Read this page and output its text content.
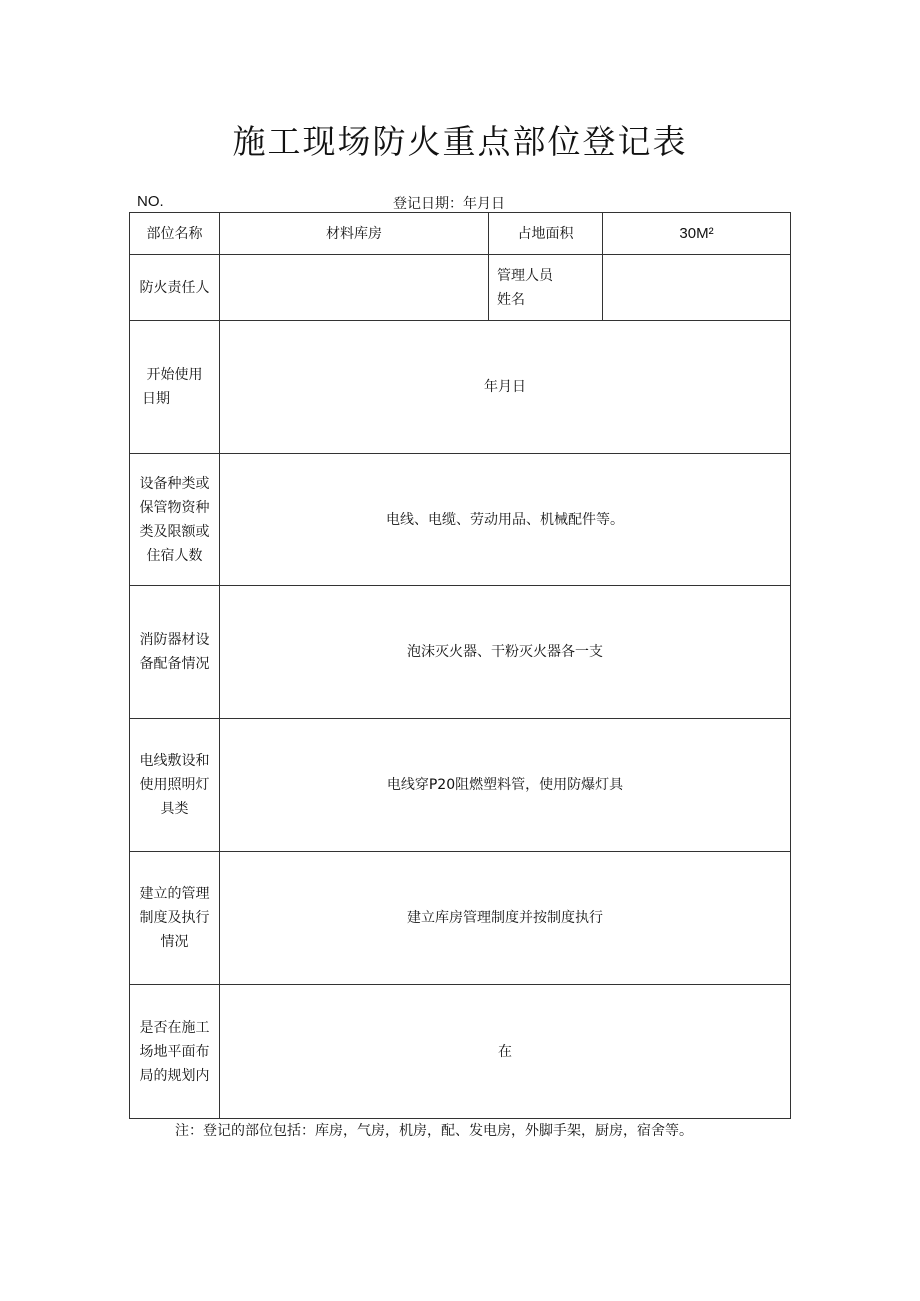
施工现场防火重点部位登记表
NO.	登记日期：年月日
部位名称	材料库房	占地面积	30M²
防火责任人		管理人员
姓名	

开始使用
日期	年月日		

设备种类或
保管物资种
类及限额或
住宿人数	电线、电缆、劳动用品、机械配件等。		

消防器材设
备配备情况	泡沫灭火器、干粉灭火器各一支		

电线敷设和
使用照明灯
具类	电线穿P20阻燃塑料管，使用防爆灯具		

建立的管理
制度及执行
情况	建立库房管理制度并按制度执行		

是否在施工
场地平面布
局的规划内	在		
注：登记的部位包括：库房，气房，机房，配、发电房，外脚手架，厨房，宿舍等。
